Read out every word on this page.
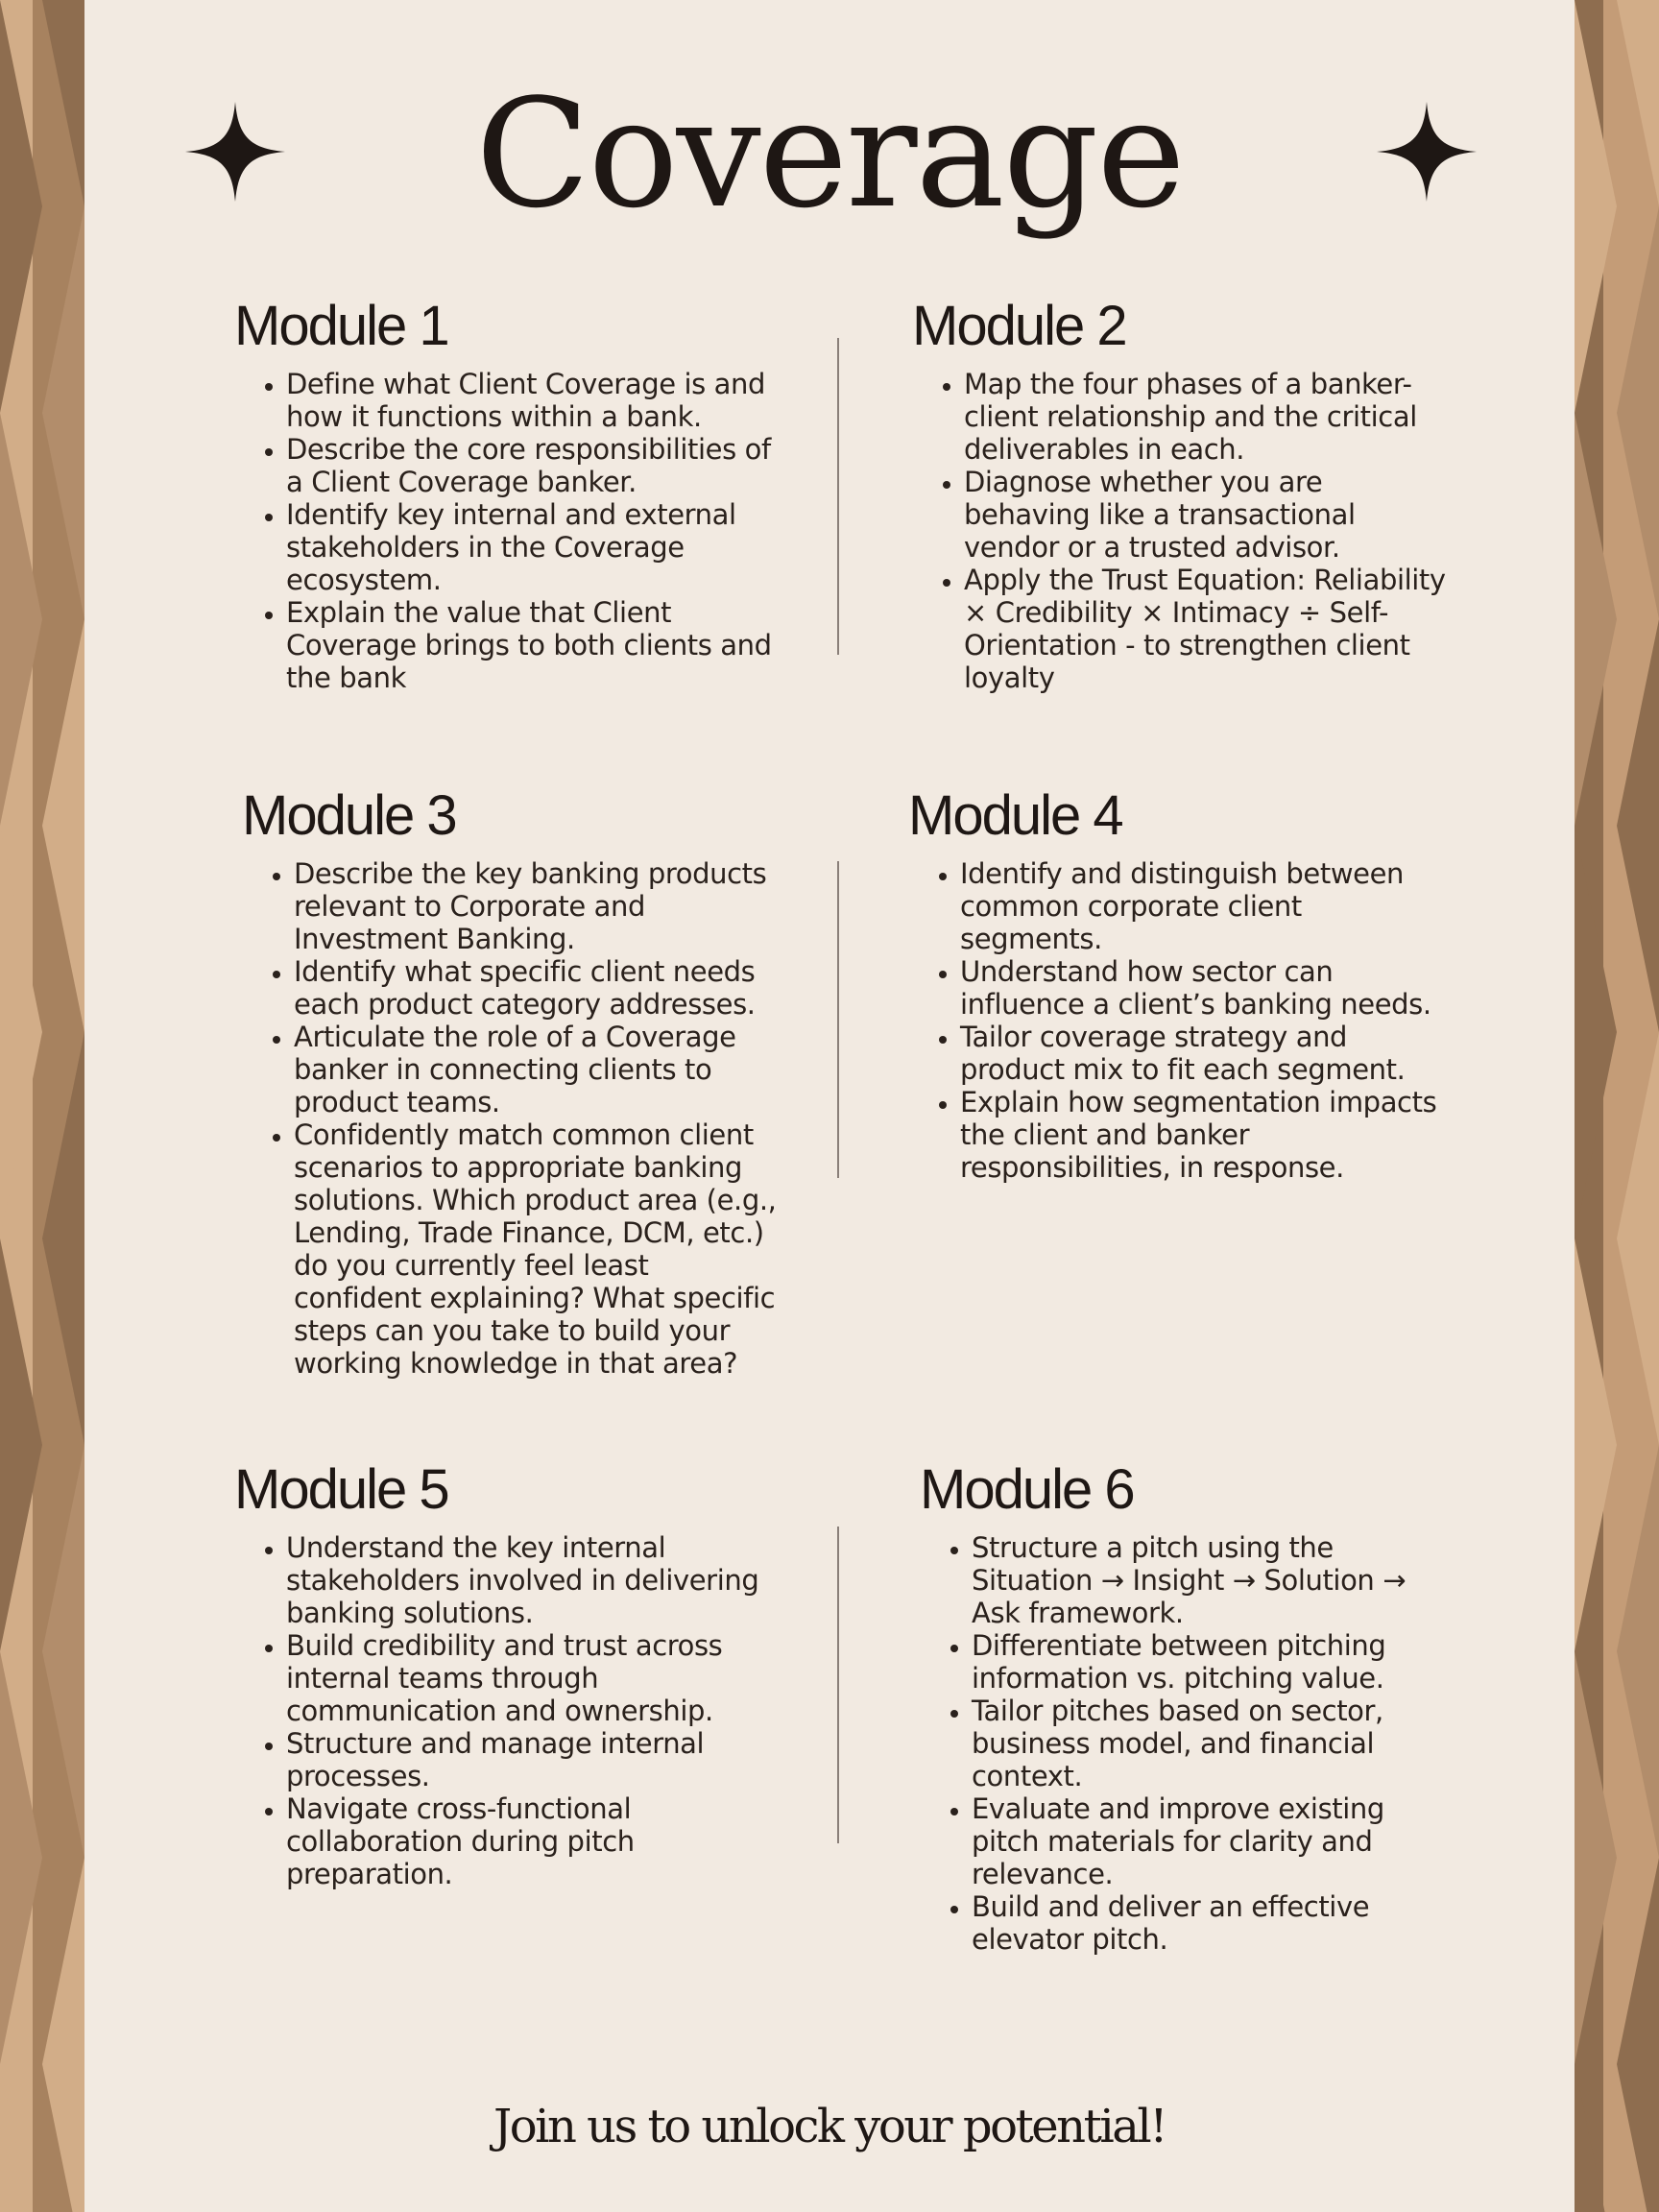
Coverage
Module 1
• Define what Client Coverage is and how it functions within a bank.
• Describe the core responsibilities of a Client Coverage banker.
• Identify key internal and external stakeholders in the Coverage ecosystem.
• Explain the value that Client Coverage brings to both clients and the bank
Module 2
• Map the four phases of a banker-client relationship and the critical deliverables in each.
• Diagnose whether you are behaving like a transactional vendor or a trusted advisor.
• Apply the Trust Equation: Reliability × Credibility × Intimacy ÷ Self-Orientation - to strengthen client loyalty
Module 3
• Describe the key banking products relevant to Corporate and Investment Banking.
• Identify what specific client needs each product category addresses.
• Articulate the role of a Coverage banker in connecting clients to product teams.
• Confidently match common client scenarios to appropriate banking solutions. Which product area (e.g., Lending, Trade Finance, DCM, etc.) do you currently feel least confident explaining? What specific steps can you take to build your working knowledge in that area?
Module 4
• Identify and distinguish between common corporate client segments.
• Understand how sector can influence a client’s banking needs.
• Tailor coverage strategy and product mix to fit each segment.
• Explain how segmentation impacts the client and banker responsibilities, in response.
Module 5
• Understand the key internal stakeholders involved in delivering banking solutions.
• Build credibility and trust across internal teams through communication and ownership.
• Structure and manage internal processes.
• Navigate cross-functional collaboration during pitch preparation.
Module 6
• Structure a pitch using the Situation → Insight → Solution → Ask framework.
• Differentiate between pitching information vs. pitching value.
• Tailor pitches based on sector, business model, and financial context.
• Evaluate and improve existing pitch materials for clarity and relevance.
• Build and deliver an effective elevator pitch.

Join us to unlock your potential!
